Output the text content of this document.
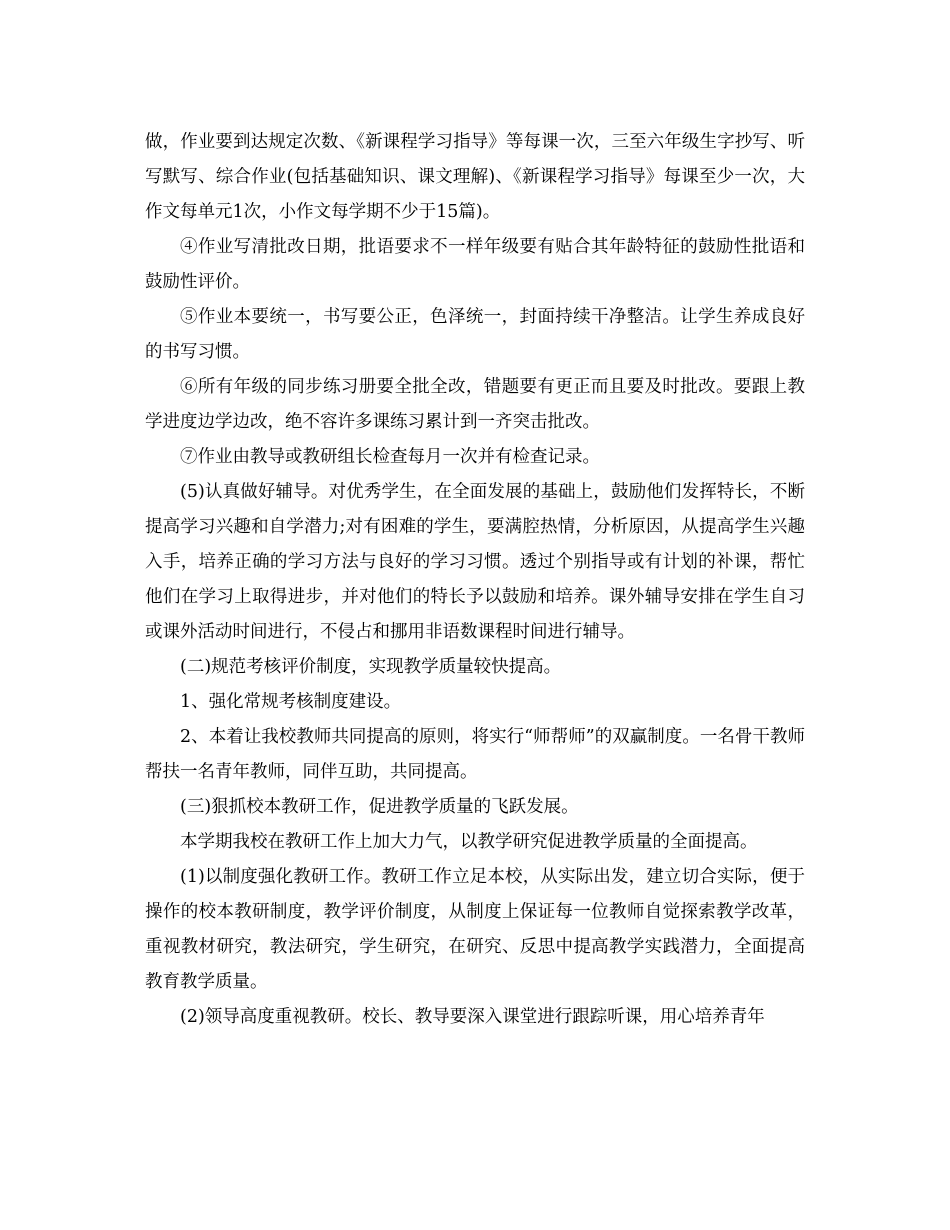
做，作业要到达规定次数、《新课程学习指导》等每课一次，三至六年级生字抄写、听写默写、综合作业(包括基础知识、课文理解)、《新课程学习指导》每课至少一次，大作文每单元1次，小作文每学期不少于15篇)。

④作业写清批改日期，批语要求不一样年级要有贴合其年龄特征的鼓励性批语和鼓励性评价。

⑤作业本要统一，书写要公正，色泽统一，封面持续干净整洁。让学生养成良好的书写习惯。

⑥所有年级的同步练习册要全批全改，错题要有更正而且要及时批改。要跟上教学进度边学边改，绝不容许多课练习累计到一齐突击批改。

⑦作业由教导或教研组长检查每月一次并有检查记录。

(5)认真做好辅导。对优秀学生，在全面发展的基础上，鼓励他们发挥特长，不断提高学习兴趣和自学潜力;对有困难的学生，要满腔热情，分析原因，从提高学生兴趣入手，培养正确的学习方法与良好的学习习惯。透过个别指导或有计划的补课，帮忙他们在学习上取得进步，并对他们的特长予以鼓励和培养。课外辅导安排在学生自习或课外活动时间进行，不侵占和挪用非语数课程时间进行辅导。

(二)规范考核评价制度，实现教学质量较快提高。

1、强化常规考核制度建设。

2、本着让我校教师共同提高的原则，将实行“师帮师”的双赢制度。一名骨干教师帮扶一名青年教师，同伴互助，共同提高。

(三)狠抓校本教研工作，促进教学质量的飞跃发展。

本学期我校在教研工作上加大力气，以教学研究促进教学质量的全面提高。

(1)以制度强化教研工作。教研工作立足本校，从实际出发，建立切合实际，便于操作的校本教研制度，教学评价制度，从制度上保证每一位教师自觉探索教学改革，重视教材研究，教法研究，学生研究，在研究、反思中提高教学实践潜力，全面提高教育教学质量。

(2)领导高度重视教研。校长、教导要深入课堂进行跟踪听课，用心培养青年
